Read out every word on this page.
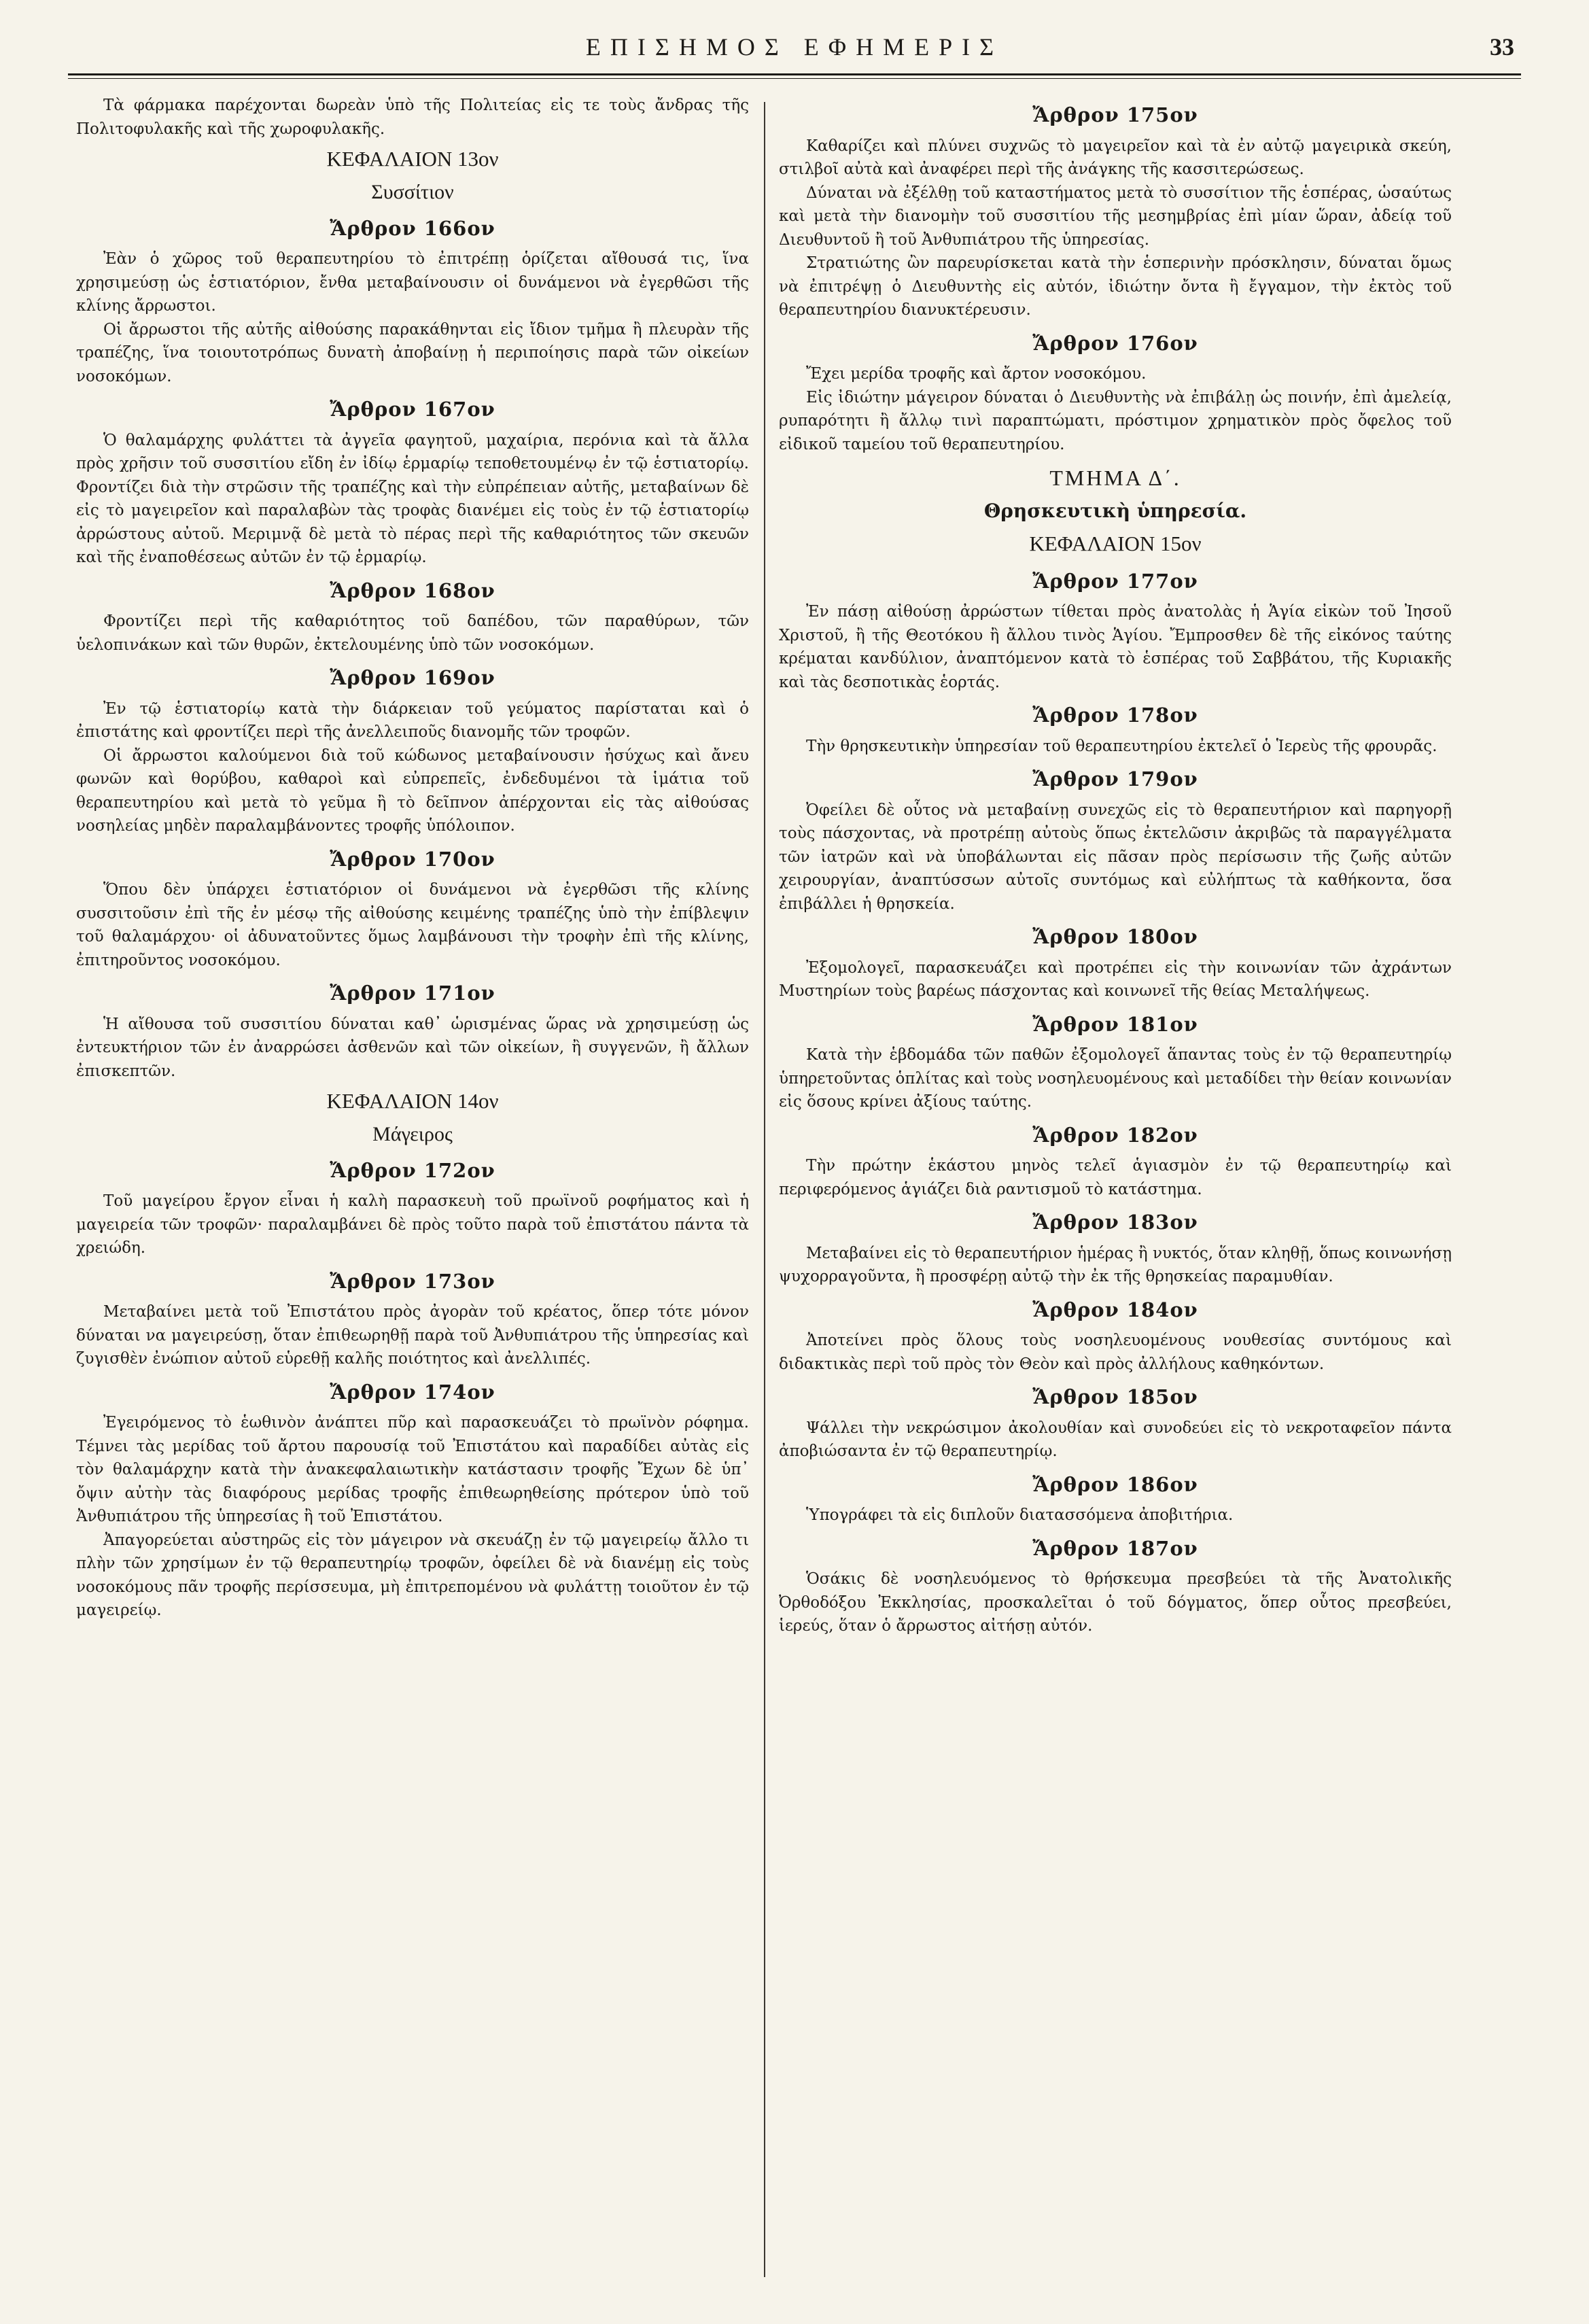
ΕΠΙΣΗΜΟΣ ΕΦΗΜΕΡΙΣ	33

Τὰ φάρμακα παρέχονται δωρεὰν ὑπὸ τῆς Πολιτείας εἰς τε τοὺς ἄνδρας τῆς Πολιτοφυλακῆς καὶ τῆς χωροφυλακῆς.

ΚΕΦΑΛΑΙΟΝ 13ον
Συσσίτιον
Ἄρθρον 166ον

Ἐὰν ὁ χῶρος τοῦ θεραπευτηρίου τὸ ἐπιτρέπῃ ὁρίζεται αἴθουσά τις, ἵνα χρησιμεύσῃ ὡς ἑστιατόριον, ἔνθα μεταβαίνουσιν οἱ δυνάμενοι νὰ ἐγερθῶσι τῆς κλίνης ἄρρωστοι.

Οἱ ἄρρωστοι τῆς αὐτῆς αἰθούσης παρακάθηνται εἰς ἴδιον τμῆμα ἢ πλευρὰν τῆς τραπέζης, ἵνα τοιουτοτρόπως δυνατὴ ἀποβαίνῃ ἡ περιποίησις παρὰ τῶν οἰκείων νοσοκόμων.

Ἄρθρον 167ον

Ὁ θαλαμάρχης φυλάττει τὰ ἀγγεῖα φαγητοῦ, μαχαίρια, περόνια καὶ τὰ ἄλλα πρὸς χρῆσιν τοῦ συσσιτίου εἴδη ἐν ἰδίῳ ἑρμαρίῳ τεποθετουμένῳ ἐν τῷ ἑστιατορίῳ. Φροντίζει διὰ τὴν στρῶσιν τῆς τραπέζης καὶ τὴν εὐπρέπειαν αὐτῆς, μεταβαίνων δὲ εἰς τὸ μαγειρεῖον καὶ παραλαβὼν τὰς τροφὰς διανέμει εἰς τοὺς ἐν τῷ ἑστιατορίῳ ἀρρώστους αὐτοῦ. Μεριμνᾷ δὲ μετὰ τὸ πέρας περὶ τῆς καθαριότητος τῶν σκευῶν καὶ τῆς ἐναποθέσεως αὐτῶν ἐν τῷ ἑρμαρίῳ.

Ἄρθρον 168ον

Φροντίζει περὶ τῆς καθαριότητος τοῦ δαπέδου, τῶν παραθύρων, τῶν ὑελοπινάκων καὶ τῶν θυρῶν, ἐκτελουμένης ὑπὸ τῶν νοσοκόμων.

Ἄρθρον 169ον

Ἐν τῷ ἑστιατορίῳ κατὰ τὴν διάρκειαν τοῦ γεύματος παρίσταται καὶ ὁ ἐπιστάτης καὶ φροντίζει περὶ τῆς ἀνελλειποῦς διανομῆς τῶν τροφῶν.

Οἱ ἄρρωστοι καλούμενοι διὰ τοῦ κώδωνος μεταβαίνουσιν ἡσύχως καὶ ἄνευ φωνῶν καὶ θορύβου, καθαροὶ καὶ εὐπρεπεῖς, ἐνδεδυμένοι τὰ ἱμάτια τοῦ θεραπευτηρίου καὶ μετὰ τὸ γεῦμα ἢ τὸ δεῖπνον ἀπέρχονται εἰς τὰς αἰθούσας νοσηλείας μηδὲν παραλαμβάνοντες τροφῆς ὑπόλοιπον.

Ἄρθρον 170ον

Ὅπου δὲν ὑπάρχει ἑστιατόριον οἱ δυνάμενοι νὰ ἐγερθῶσι τῆς κλίνης συσσιτοῦσιν ἐπὶ τῆς ἐν μέσῳ τῆς αἰθούσης κειμένης τραπέζης ὑπὸ τὴν ἐπίβλεψιν τοῦ θαλαμάρχου· οἱ ἀδυνατοῦντες ὅμως λαμβάνουσι τὴν τροφὴν ἐπὶ τῆς κλίνης, ἐπιτηροῦντος νοσοκόμου.

Ἄρθρον 171ον

Ἡ αἴθουσα τοῦ συσσιτίου δύναται καθ᾿ ὡρισμένας ὥρας νὰ χρησιμεύσῃ ὡς ἐντευκτήριον τῶν ἐν ἀναρρώσει ἀσθενῶν καὶ τῶν οἰκείων, ἢ συγγενῶν, ἢ ἄλλων ἐπισκεπτῶν.

ΚΕΦΑΛΑΙΟΝ 14ον
Μάγειρος
Ἄρθρον 172ον

Τοῦ μαγείρου ἔργον εἶναι ἡ καλὴ παρασκευὴ τοῦ πρωϊνοῦ ροφήματος καὶ ἡ μαγειρεία τῶν τροφῶν· παραλαμβάνει δὲ πρὸς τοῦτο παρὰ τοῦ ἐπιστάτου πάντα τὰ χρειώδη.

Ἄρθρον 173ον

Μεταβαίνει μετὰ τοῦ Ἐπιστάτου πρὸς ἀγορὰν τοῦ κρέατος, ὅπερ τότε μόνον δύναται να μαγειρεύσῃ, ὅταν ἐπιθεωρηθῇ παρὰ τοῦ Ἀνθυπιάτρου τῆς ὑπηρεσίας καὶ ζυγισθὲν ἐνώπιον αὐτοῦ εὑρεθῇ καλῆς ποιότητος καὶ ἀνελλιπές.

Ἄρθρον 174ον

Ἐγειρόμενος τὸ ἑωθινὸν ἀνάπτει πῦρ καὶ παρασκευάζει τὸ πρωϊνὸν ρόφημα. Τέμνει τὰς μερίδας τοῦ ἄρτου παρουσίᾳ τοῦ Ἐπιστάτου καὶ παραδίδει αὐτὰς εἰς τὸν θαλαμάρχην κατὰ τὴν ἀνακεφαλαιωτικὴν κατάστασιν τροφῆς Ἔχων δὲ ὑπ᾿ ὄψιν αὐτὴν τὰς διαφόρους μερίδας τροφῆς ἐπιθεωρηθείσης πρότερον ὑπὸ τοῦ Ἀνθυπιάτρου τῆς ὑπηρεσίας ἢ τοῦ Ἐπιστάτου.

Ἀπαγορεύεται αὐστηρῶς εἰς τὸν μάγειρον νὰ σκευάζῃ ἐν τῷ μαγειρείῳ ἄλλο τι πλὴν τῶν χρησίμων ἐν τῷ θεραπευτηρίῳ τροφῶν, ὀφείλει δὲ νὰ διανέμῃ εἰς τοὺς νοσοκόμους πᾶν τροφῆς περίσσευμα, μὴ ἐπιτρεπομένου νὰ φυλάττῃ τοιοῦτον ἐν τῷ μαγειρείῳ.

Ἄρθρον 175ον

Καθαρίζει καὶ πλύνει συχνῶς τὸ μαγειρεῖον καὶ τὰ ἐν αὐτῷ μαγειρικὰ σκεύη, στιλβοῖ αὐτὰ καὶ ἀναφέρει περὶ τῆς ἀνάγκης τῆς κασσιτερώσεως.

Δύναται νὰ ἐξέλθῃ τοῦ καταστήματος μετὰ τὸ συσσίτιον τῆς ἑσπέρας, ὡσαύτως καὶ μετὰ τὴν διανομὴν τοῦ συσσιτίου τῆς μεσημβρίας ἐπὶ μίαν ὥραν, ἀδείᾳ τοῦ Διευθυντοῦ ἢ τοῦ Ἀνθυπιάτρου τῆς ὑπηρεσίας.

Στρατιώτης ὢν παρευρίσκεται κατὰ τὴν ἑσπερινὴν πρόσκλησιν, δύναται ὅμως νὰ ἐπιτρέψῃ ὁ Διευθυντὴς εἰς αὐτόν, ἰδιώτην ὄντα ἢ ἔγγαμον, τὴν ἐκτὸς τοῦ θεραπευτηρίου διανυκτέρευσιν.

Ἄρθρον 176ον

Ἔχει μερίδα τροφῆς καὶ ἄρτον νοσοκόμου.

Εἰς ἰδιώτην μάγειρον δύναται ὁ Διευθυντὴς νὰ ἐπιβάλῃ ὡς ποινήν, ἐπὶ ἀμελείᾳ, ρυπαρότητι ἢ ἄλλῳ τινὶ παραπτώματι, πρόστιμον χρηματικὸν πρὸς ὄφελος τοῦ εἰδικοῦ ταμείου τοῦ θεραπευτηρίου.

ΤΜΗΜΑ Δ΄.
Θρησκευτικὴ ὑπηρεσία.
ΚΕΦΑΛΑΙΟΝ 15ον
Ἄρθρον 177ον

Ἐν πάσῃ αἰθούσῃ ἀρρώστων τίθεται πρὸς ἀνατολὰς ἡ Ἁγία εἰκὼν τοῦ Ἰησοῦ Χριστοῦ, ἢ τῆς Θεοτόκου ἢ ἄλλου τινὸς Ἁγίου. Ἔμπροσθεν δὲ τῆς εἰκόνος ταύτης κρέμαται κανδύλιον, ἀναπτόμενον κατὰ τὸ ἑσπέρας τοῦ Σαββάτου, τῆς Κυριακῆς καὶ τὰς δεσποτικὰς ἑορτάς.

Ἄρθρον 178ον

Τὴν θρησκευτικὴν ὑπηρεσίαν τοῦ θεραπευτηρίου ἐκτελεῖ ὁ Ἱερεὺς τῆς φρουρᾶς.

Ἄρθρον 179ον

Ὀφείλει δὲ οὗτος νὰ μεταβαίνῃ συνεχῶς εἰς τὸ θεραπευτήριον καὶ παρηγορῇ τοὺς πάσχοντας, νὰ προτρέπῃ αὐτοὺς ὅπως ἐκτελῶσιν ἀκριβῶς τὰ παραγγέλματα τῶν ἰατρῶν καὶ νὰ ὑποβάλωνται εἰς πᾶσαν πρὸς περίσωσιν τῆς ζωῆς αὐτῶν χειρουργίαν, ἀναπτύσσων αὐτοῖς συντόμως καὶ εὐλήπτως τὰ καθήκοντα, ὅσα ἐπιβάλλει ἡ θρησκεία.

Ἄρθρον 180ον

Ἐξομολογεῖ, παρασκευάζει καὶ προτρέπει εἰς τὴν κοινωνίαν τῶν ἀχράντων Μυστηρίων τοὺς βαρέως πάσχοντας καὶ κοινωνεῖ τῆς θείας Μεταλήψεως.

Ἄρθρον 181ον

Κατὰ τὴν ἑβδομάδα τῶν παθῶν ἐξομολογεῖ ἅπαντας τοὺς ἐν τῷ θεραπευτηρίῳ ὑπηρετοῦντας ὁπλίτας καὶ τοὺς νοσηλευομένους καὶ μεταδίδει τὴν θείαν κοινωνίαν εἰς ὅσους κρίνει ἀξίους ταύτης.

Ἄρθρον 182ον

Τὴν πρώτην ἑκάστου μηνὸς τελεῖ ἁγιασμὸν ἐν τῷ θεραπευτηρίῳ καὶ περιφερόμενος ἁγιάζει διὰ ραντισμοῦ τὸ κατάστημα.

Ἄρθρον 183ον

Μεταβαίνει εἰς τὸ θεραπευτήριον ἡμέρας ἢ νυκτός, ὅταν κληθῇ, ὅπως κοινωνήσῃ ψυχορραγοῦντα, ἢ προσφέρῃ αὐτῷ τὴν ἐκ τῆς θρησκείας παραμυθίαν.

Ἄρθρον 184ον

Ἀποτείνει πρὸς ὅλους τοὺς νοσηλευομένους νουθεσίας συντόμους καὶ διδακτικὰς περὶ τοῦ πρὸς τὸν Θεὸν καὶ πρὸς ἀλλήλους καθηκόντων.

Ἄρθρον 185ον

Ψάλλει τὴν νεκρώσιμον ἀκολουθίαν καὶ συνοδεύει εἰς τὸ νεκροταφεῖον πάντα ἀποβιώσαντα ἐν τῷ θεραπευτηρίῳ.

Ἄρθρον 186ον

Ὑπογράφει τὰ εἰς διπλοῦν διατασσόμενα ἀποβιτήρια.

Ἄρθρον 187ον

Ὁσάκις δὲ νοσηλευόμενος τὸ θρήσκευμα πρεσβεύει τὰ τῆς Ἀνατολικῆς Ὀρθοδόξου Ἐκκλησίας, προσκαλεῖται ὁ τοῦ δόγματος, ὅπερ οὗτος πρεσβεύει, ἱερεύς, ὅταν ὁ ἄρρωστος αἰτήσῃ αὐτόν.
